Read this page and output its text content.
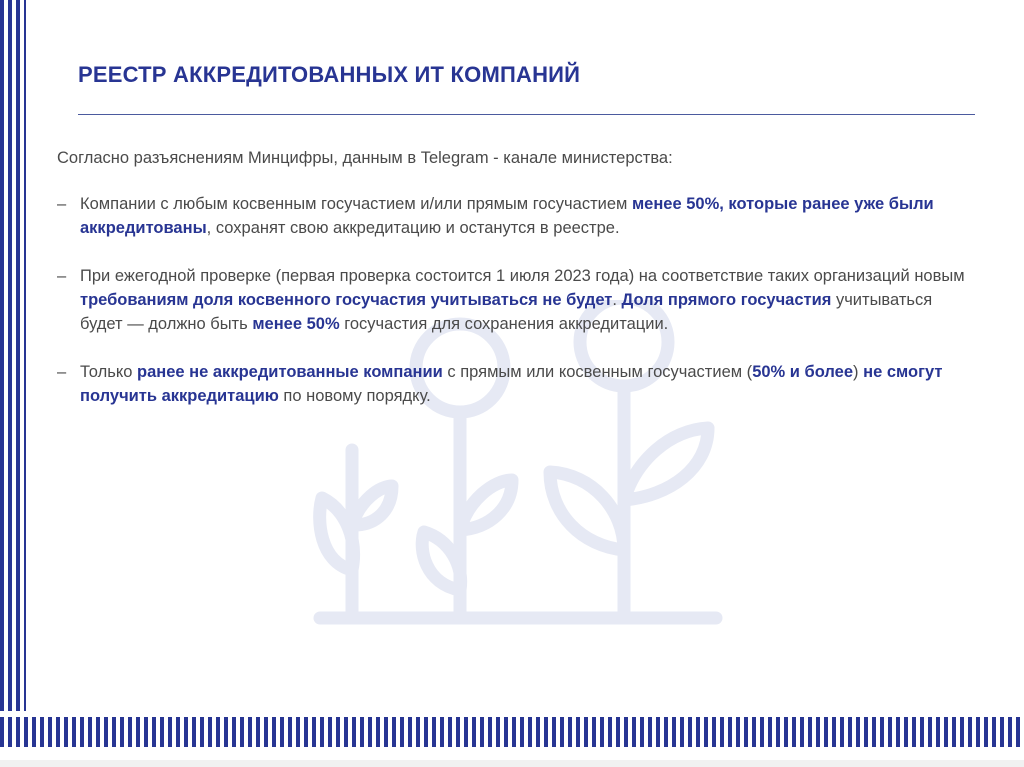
РЕЕСТР АККРЕДИТОВАННЫХ ИТ КОМПАНИЙ

Согласно разъяснениям Минцифры, данным в Telegram - канале министерства:

– Компании с любым косвенным госучастием и/или прямым госучастием менее 50%, которые ранее уже были аккредитованы, сохранят свою аккредитацию и останутся в реестре.
– При ежегодной проверке (первая проверка состоится 1 июля 2023 года) на соответствие таких организаций новым требованиям доля косвенного госучастия учитываться не будет. Доля прямого госучастия учитываться будет — должно быть менее 50% госучастия для сохранения аккредитации.
– Только ранее не аккредитованные компании с прямым или косвенным госучастием (50% и более) не смогут получить аккредитацию по новому порядку.
